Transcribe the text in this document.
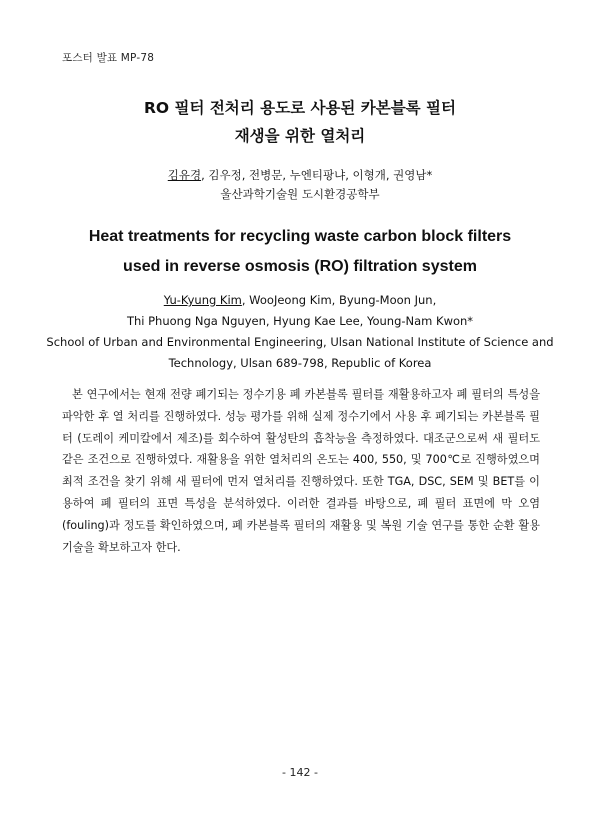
포스터 발표 MP-78
RO 필터 전처리 용도로 사용된 카본블록 필터
재생을 위한 열처리
김유경, 김우정, 전병문, 누엔티팡냐, 이형개, 권영남*
울산과학기술원 도시환경공학부
Heat treatments for recycling waste carbon block filters
used in reverse osmosis (RO) filtration system
Yu-Kyung Kim, WooJeong Kim, Byung-Moon Jun,
Thi Phuong Nga Nguyen, Hyung Kae Lee, Young-Nam Kwon*
School of Urban and Environmental Engineering, Ulsan National Institute of Science and
Technology, Ulsan 689-798, Republic of Korea
본 연구에서는 현재 전량 폐기되는 정수기용 폐 카본블록 필터를 재활용하고자 폐 필터의 특성을 파악한 후 열 처리를 진행하였다. 성능 평가를 위해 실제 정수기에서 사용 후 폐기되는 카본블록 필터 (도레이 케미칼에서 제조)를 회수하여 활성탄의 흡착능을 측정하였다. 대조군으로써 새 필터도 같은 조건으로 진행하였다. 재활용을 위한 열처리의 온도는 400, 550, 및 700℃로 진행하였으며 최적 조건을 찾기 위해 새 필터에 먼저 열처리를 진행하였다. 또한 TGA, DSC, SEM 및 BET를 이용하여 폐 필터의 표면 특성을 분석하였다. 이러한 결과를 바탕으로, 폐 필터 표면에 막 오염(fouling)과 정도를 확인하였으며, 폐 카본블록 필터의 재활용 및 복원 기술 연구를 통한 순환 활용 기술을 확보하고자 한다.
- 142 -
